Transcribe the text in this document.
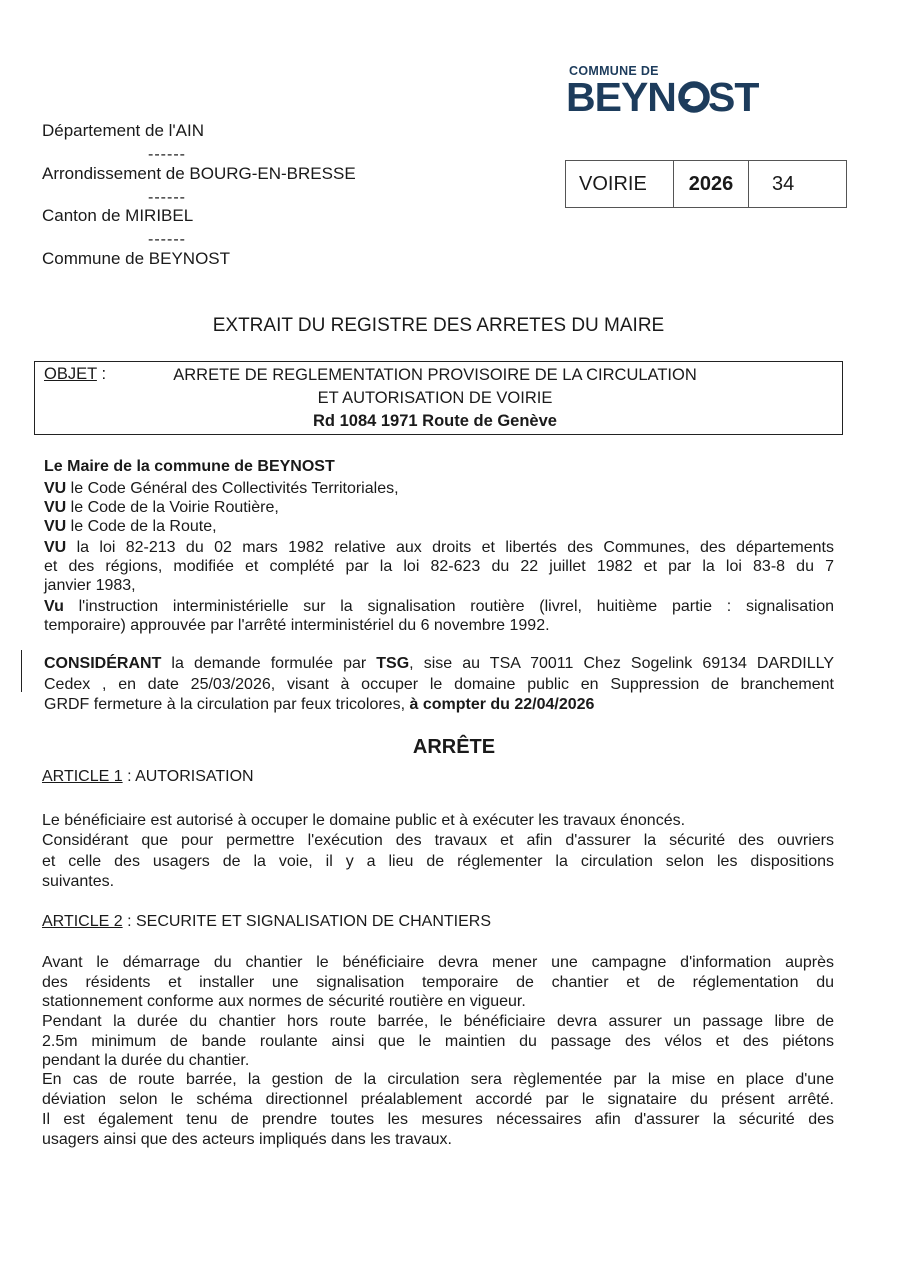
Département de l'AIN
------
Arrondissement de BOURG-EN-BRESSE
------
Canton de MIRIBEL
------
Commune de BEYNOST
COMMUNE DE
BEYN ST
VOIRIE	2026	34
EXTRAIT DU REGISTRE DES ARRETES DU MAIRE
OBJET :	ARRETE DE REGLEMENTATION PROVISOIRE DE LA CIRCULATION
ET AUTORISATION DE VOIRIE
Rd 1084 1971 Route de Genève
Le Maire de la commune de BEYNOST
VU le Code Général des Collectivités Territoriales,
VU le Code de la Voirie Routière,
VU le Code de la Route,
VU la loi 82-213 du 02 mars 1982 relative aux droits et libertés des Communes, des départements
et des régions, modifiée et complété par la loi 82-623 du 22 juillet 1982 et par la loi 83-8 du 7
janvier 1983,
Vu l'instruction interministérielle sur la signalisation routière (livrel, huitième partie : signalisation
temporaire) approuvée par l'arrêté interministériel du 6 novembre 1992.
CONSIDÉRANT la demande formulée par TSG, sise au TSA 70011 Chez Sogelink 69134 DARDILLY
Cedex , en date 25/03/2026, visant à occuper le domaine public en Suppression de branchement
GRDF fermeture à la circulation par feux tricolores, à compter du 22/04/2026
ARRÊTE
ARTICLE 1 : AUTORISATION
Le bénéficiaire est autorisé à occuper le domaine public et à exécuter les travaux énoncés.
Considérant que pour permettre l'exécution des travaux et afin d'assurer la sécurité des ouvriers
et celle des usagers de la voie, il y a lieu de réglementer la circulation selon les dispositions
suivantes.
ARTICLE 2 : SECURITE ET SIGNALISATION DE CHANTIERS
Avant le démarrage du chantier le bénéficiaire devra mener une campagne d'information auprès
des résidents et installer une signalisation temporaire de chantier et de réglementation du
stationnement conforme aux normes de sécurité routière en vigueur.
Pendant la durée du chantier hors route barrée, le bénéficiaire devra assurer un passage libre de
2.5m minimum de bande roulante ainsi que le maintien du passage des vélos et des piétons
pendant la durée du chantier.
En cas de route barrée, la gestion de la circulation sera règlementée par la mise en place d'une
déviation selon le schéma directionnel préalablement accordé par le signataire du présent arrêté.
Il est également tenu de prendre toutes les mesures nécessaires afin d'assurer la sécurité des
usagers ainsi que des acteurs impliqués dans les travaux.
